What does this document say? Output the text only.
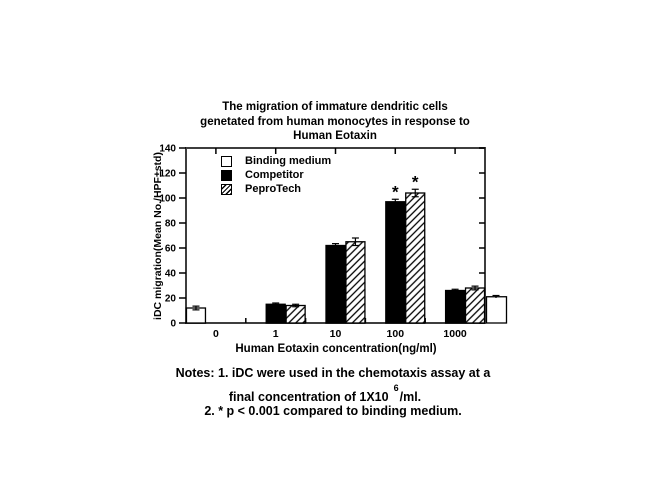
The migration of immature dendritic cells
genetated from human monocytes in response to
Human Eotaxin
iDC migration(Mean No./HPF±std)
0
20
40
60
80
100
120
140
0	1	10	100
*
*
1000
Binding medium
Competitor
PeproTech
Human Eotaxin concentration(ng/ml)
Notes: 1. iDC were used in the chemotaxis assay at a
final concentration of $1X10^6/ml$.
2. * p < 0.001 compared to binding medium.
